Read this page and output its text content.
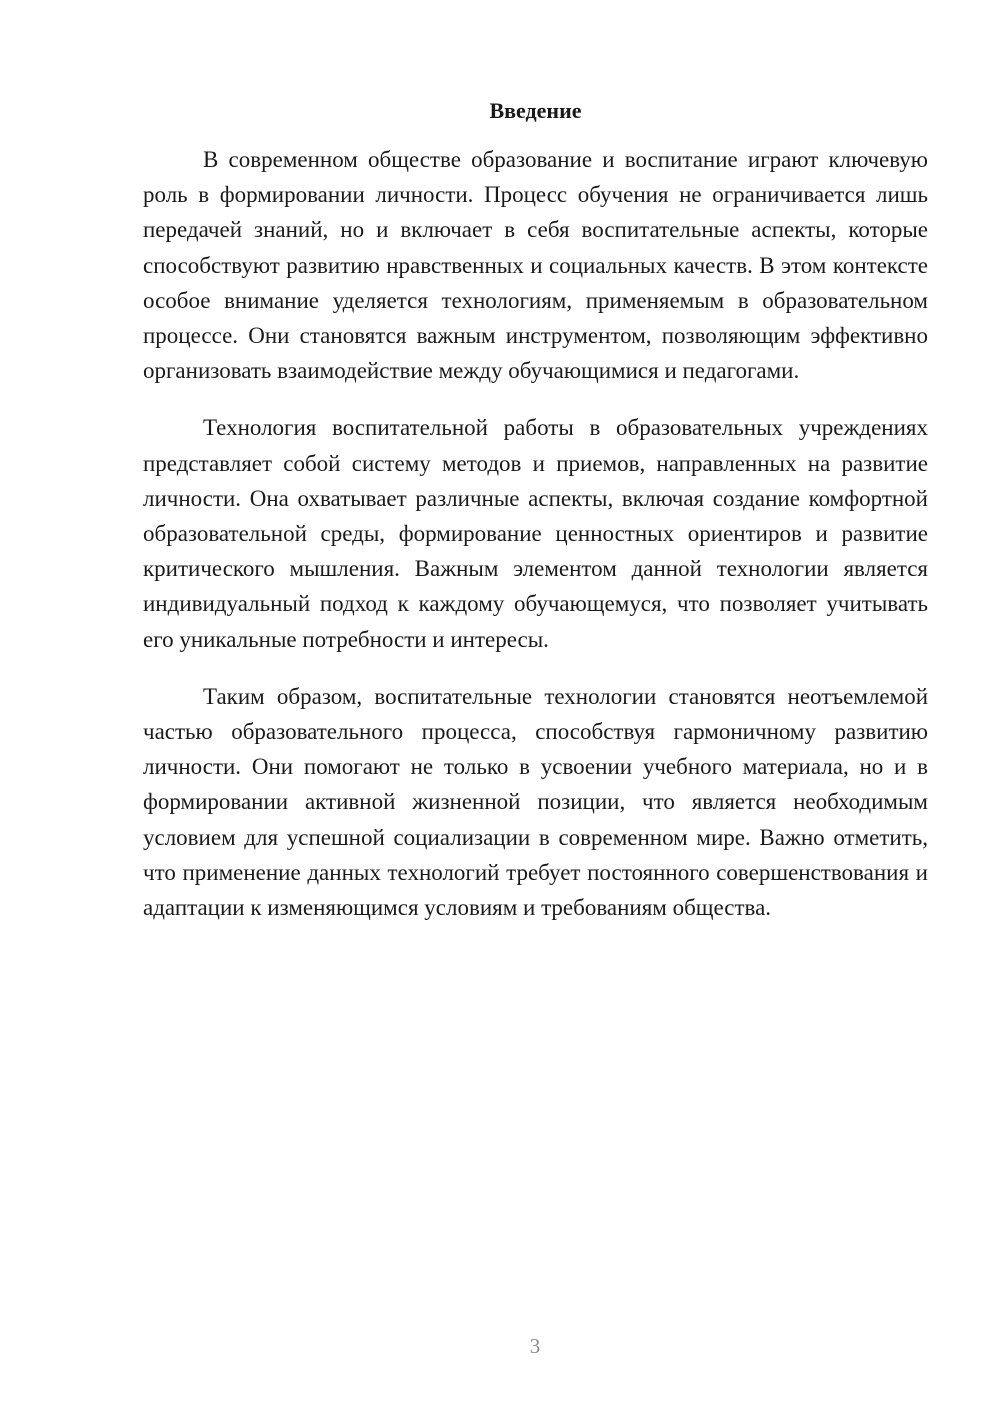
Введение

В современном обществе образование и воспитание играют ключевую роль в формировании личности. Процесс обучения не ограничивается лишь передачей знаний, но и включает в себя воспитательные аспекты, которые способствуют развитию нравственных и социальных качеств. В этом контексте особое внимание уделяется технологиям, применяемым в образовательном процессе. Они становятся важным инструментом, позволяющим эффективно организовать взаимодействие между обучающимися и педагогами.

Технология воспитательной работы в образовательных учреждениях представляет собой систему методов и приемов, направленных на развитие личности. Она охватывает различные аспекты, включая создание комфортной образовательной среды, формирование ценностных ориентиров и развитие критического мышления. Важным элементом данной технологии является индивидуальный подход к каждому обучающемуся, что позволяет учитывать его уникальные потребности и интересы.

Таким образом, воспитательные технологии становятся неотъемлемой частью образовательного процесса, способствуя гармоничному развитию личности. Они помогают не только в усвоении учебного материала, но и в формировании активной жизненной позиции, что является необходимым условием для успешной социализации в современном мире. Важно отметить, что применение данных технологий требует постоянного совершенствования и адаптации к изменяющимся условиям и требованиям общества.

3
